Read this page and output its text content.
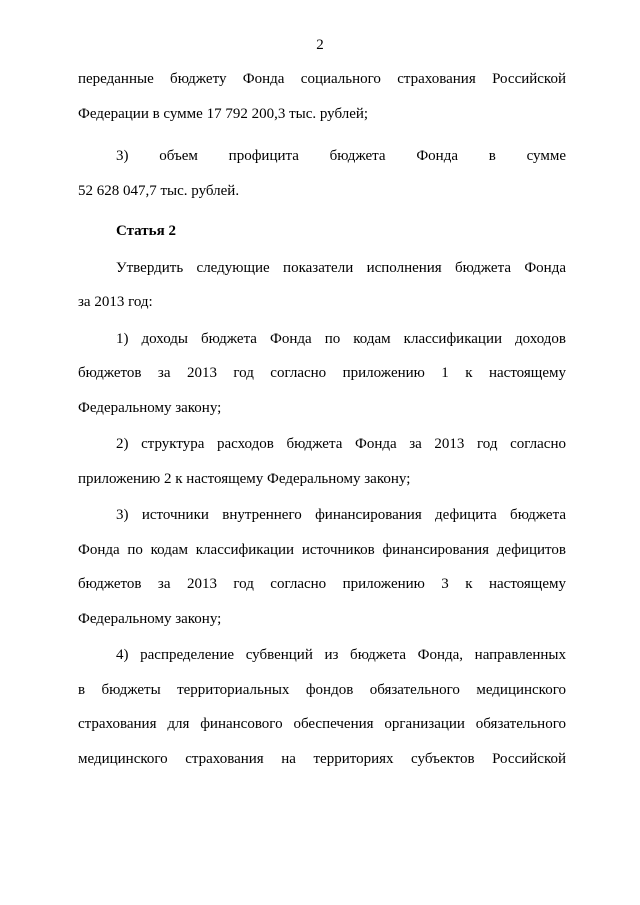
2
переданные бюджету Фонда социального страхования Российской
Федерации в сумме 17 792 200,3 тыс. рублей;
3) объем профицита бюджета Фонда в сумме
52 628 047,7 тыс. рублей.
Статья 2
Утвердить следующие показатели исполнения бюджета Фонда
за 2013 год:
1) доходы бюджета Фонда по кодам классификации доходов
бюджетов за 2013 год согласно приложению 1 к настоящему
Федеральному закону;
2) структура расходов бюджета Фонда за 2013 год согласно
приложению 2 к настоящему Федеральному закону;
3) источники внутреннего финансирования дефицита бюджета
Фонда по кодам классификации источников финансирования дефицитов
бюджетов за 2013 год согласно приложению 3 к настоящему
Федеральному закону;
4) распределение субвенций из бюджета Фонда, направленных
в бюджеты территориальных фондов обязательного медицинского
страхования для финансового обеспечения организации обязательного
медицинского страхования на территориях субъектов Российской
